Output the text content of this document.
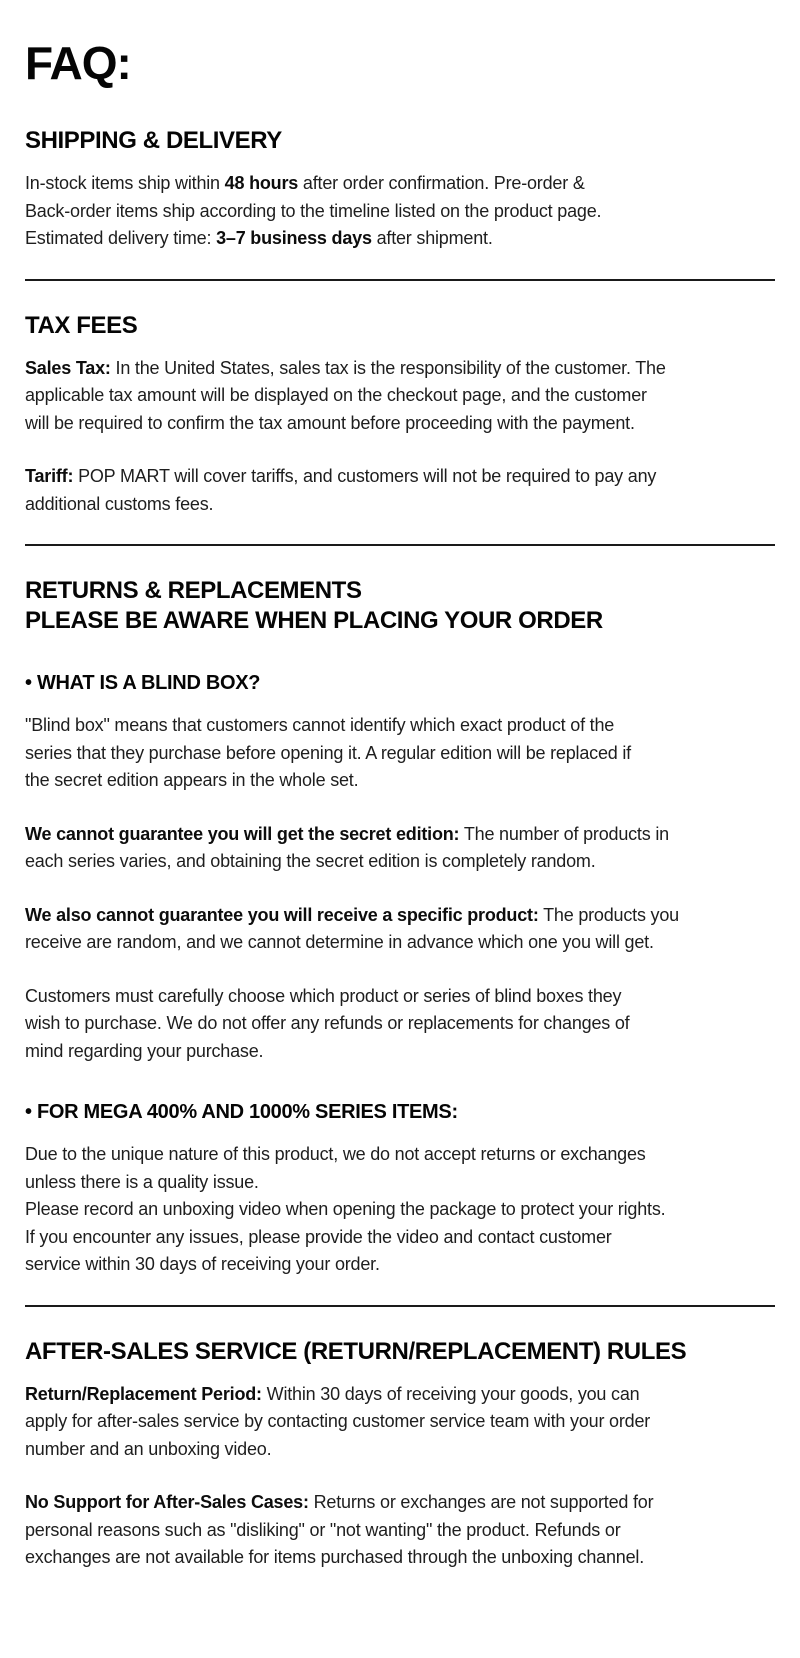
FAQ:
SHIPPING & DELIVERY

In-stock items ship within 48 hours after order confirmation. Pre-order &
Back-order items ship according to the timeline listed on the product page.
Estimated delivery time: 3–7 business days after shipment.

TAX FEES

Sales Tax: In the United States, sales tax is the responsibility of the customer. The
applicable tax amount will be displayed on the checkout page, and the customer
will be required to confirm the tax amount before proceeding with the payment.

Tariff: POP MART will cover tariffs, and customers will not be required to pay any
additional customs fees.

RETURNS & REPLACEMENTS
PLEASE BE AWARE WHEN PLACING YOUR ORDER
• WHAT IS A BLIND BOX?

"Blind box" means that customers cannot identify which exact product of the
series that they purchase before opening it. A regular edition will be replaced if
the secret edition appears in the whole set.

We cannot guarantee you will get the secret edition: The number of products in
each series varies, and obtaining the secret edition is completely random.

We also cannot guarantee you will receive a specific product: The products you
receive are random, and we cannot determine in advance which one you will get.

Customers must carefully choose which product or series of blind boxes they
wish to purchase. We do not offer any refunds or replacements for changes of
mind regarding your purchase.

• FOR MEGA 400% AND 1000% SERIES ITEMS:

Due to the unique nature of this product, we do not accept returns or exchanges
unless there is a quality issue.
Please record an unboxing video when opening the package to protect your rights.
If you encounter any issues, please provide the video and contact customer
service within 30 days of receiving your order.

AFTER-SALES SERVICE (RETURN/REPLACEMENT) RULES

Return/Replacement Period: Within 30 days of receiving your goods, you can
apply for after-sales service by contacting customer service team with your order
number and an unboxing video.

No Support for After-Sales Cases: Returns or exchanges are not supported for
personal reasons such as "disliking" or "not wanting" the product. Refunds or
exchanges are not available for items purchased through the unboxing channel.
